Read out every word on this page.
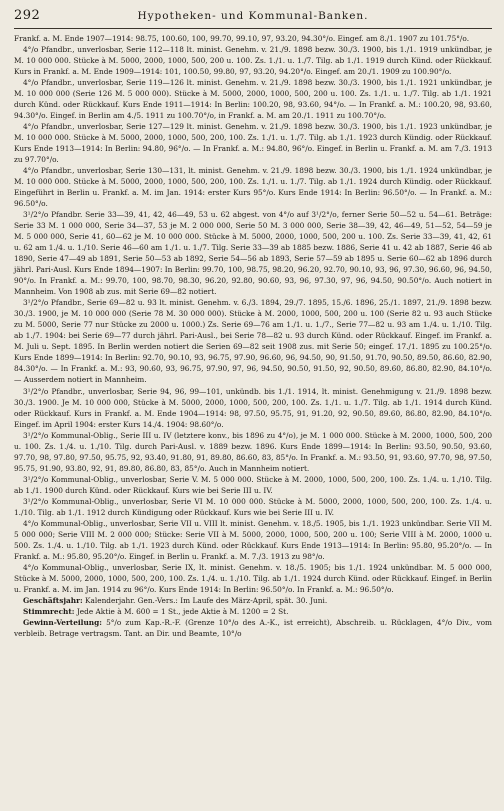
292	Hypotheken- und Kommunal-Banken.

Frankf. a. M. Ende 1907—1914: 98.75, 100.60, 100, 99.70, 99.10, 97, 93.20, 94.30°/o. Eingef. am 8./1. 1907 zu 101.75°/o.

4°/o Pfandbr., unverlosbar, Serie 112—118 lt. minist. Genehm. v. 21./9. 1898 bezw. 30./3. 1900, bis 1./1. 1919 unkündbar, je M. 10 000 000. Stücke à M. 5000, 2000, 1000, 500, 200 u. 100. Zs. 1./1. u. 1./7. Tilg. ab 1./1. 1919 durch Künd. oder Rückkauf. Kurs in Frankf. a. M. Ende 1909—1914: 101, 100.50, 99.80, 97, 93.20, 94.20°/o. Eingef. am 20./1. 1909 zu 100.90°/o.

4°/o Pfandbr., unverlosbar, Serie 119—126 lt. minist. Genehm. v. 21./9. 1898 bezw. 30./3. 1900, bis 1./1. 1921 unkündbar, je M. 10 000 000 (Serie 126 M. 5 000 000). Stücke à M. 5000, 2000, 1000, 500, 200 u. 100. Zs. 1./1. u. 1./7. Tilg. ab 1./1. 1921 durch Künd. oder Rückkauf. Kurs Ende 1911—1914: In Berlin: 100.20, 98, 93.60, 94°/o. — In Frankf. a. M.: 100.20, 98, 93.60, 94.30°/o. Eingef. in Berlin am 4./5. 1911 zu 100.70°/o, in Frankf. a. M. am 20./1. 1911 zu 100.70°/o.

4°/o Pfandbr., unverlosbar, Serie 127—129 lt. minist. Genehm. v. 21./9. 1898 bezw. 30./3. 1900, bis 1./1. 1923 unkündbar, je M. 10 000 000. Stücke à M. 5000, 2000, 1000, 500, 200, 100. Zs. 1./1. u. 1./7. Tilg. ab 1./1. 1923 durch Kündig. oder Rückkauf. Kurs Ende 1913—1914: In Berlin: 94.80, 96°/o. — In Frankf. a. M.: 94.80, 96°/o. Eingef. in Berlin u. Frankf. a. M. am 7./3. 1913 zu 97.70°/o.

4°/o Pfandbr., unverlosbar, Serie 130—131, lt. minist. Genehm. v. 21./9. 1898 bezw. 30./3. 1900, bis 1./1. 1924 unkündbar, je M. 10 000 000. Stücke à M. 5000, 2000, 1000, 500, 200, 100. Zs. 1./1. u. 1./7. Tilg. ab 1./1. 1924 durch Kündig. oder Rückkauf. Eingeführt in Berlin u. Frankf. a. M. im Jan. 1914: erster Kurs 95°/o. Kurs Ende 1914: In Berlin: 96.50°/o. — In Frankf. a. M.: 96.50°/o.

3¹/2°/o Pfandbr. Serie 33—39, 41, 42, 46—49, 53 u. 62 abgest. von 4°/o auf 3¹/2°/o, ferner Serie 50—52 u. 54—61. Beträge: Serie 33 M. 1 000 000, Serie 34—37, 53 je M. 2 000 000, Serie 50 M. 3 000 000, Serie 38—39, 42, 46—49, 51—52, 54—59 je M. 5 000 000, Serie 41, 60—62 je M. 10 000 000. Stücke à M. 5000, 2000, 1000, 500, 200 u. 100. Zs. Serie 33—39, 41, 42, 61 u. 62 am 1./4. u. 1./10. Serie 46—60 am 1./1. u. 1./7. Tilg. Serie 33—39 ab 1885 bezw. 1886, Serie 41 u. 42 ab 1887, Serie 46 ab 1890, Serie 47—49 ab 1891, Serie 50—53 ab 1892, Serie 54—56 ab 1893, Serie 57—59 ab 1895 u. Serie 60—62 ab 1896 durch jährl. Pari-Ausl. Kurs Ende 1894—1907: In Berlin: 99.70, 100, 98.75, 98.20, 96.20, 92.70, 90.10, 93, 96, 97.30, 96.60, 96, 94.50, 90°/o. In Frankf. a. M.: 99.70, 100, 98.70, 98.30, 96.20, 92.80, 90.60, 93, 96, 97.30, 97, 96, 94.50, 90.50°/o. Auch notiert in Mannheim. Von 1908 ab zus. mit Serie 69—82 notiert.

3¹/2°/o Pfandbr., Serie 69—82 u. 93 lt. minist. Genehm. v. 6./3. 1894, 29./7. 1895, 15./6. 1896, 25./1. 1897, 21./9. 1898 bezw. 30./3. 1900, je M. 10 000 000 (Serie 78 M. 30 000 000). Stücke à M. 2000, 1000, 500, 200 u. 100 (Serie 82 u. 93 auch Stücke zu M. 5000, Serie 77 nur Stücke zu 2000 u. 1000.) Zs. Serie 69—76 am 1./1. u. 1./7., Serie 77—82 u. 93 am 1./4. u. 1./10. Tilg. ab 1./7. 1904: bei Serie 69—77 durch jährl. Pari-Ausl., bei Serie 78—82 u. 93 durch Künd. oder Rückkauf. Eingef. im Frankf. a. M. Juli u. Sept. 1895. In Berlin werden notiert die Serien 69—82 seit 1908 zus. mit Serie 50; eingef. 17./1. 1895 zu 100.25°/o. Kurs Ende 1899—1914: In Berlin: 92.70, 90.10, 93, 96.75, 97.90, 96.60, 96, 94.50, 90, 91.50, 91.70, 90.50, 89.50, 86.60, 82.90, 84.30°/o. — In Frankf. a. M.: 93, 90.60, 93, 96.75, 97.90, 97, 96, 94.50, 90.50, 91.50, 92, 90.50, 89.60, 86.80, 82.90, 84.10°/o. — Ausserdem notiert in Mannheim.

3¹/2°/o Pfandbr., unverlosbar, Serie 94, 96, 99—101, unkündb. bis 1./1. 1914, lt. minist. Genehmigung v. 21./9. 1898 bezw. 30./3. 1900. Je M. 10 000 000, Stücke à M. 5000, 2000, 1000, 500, 200, 100. Zs. 1./1. u. 1./7. Tilg. ab 1./1. 1914 durch Künd. oder Rückkauf. Kurs in Frankf. a. M. Ende 1904—1914: 98, 97.50, 95.75, 91, 91.20, 92, 90.50, 89.60, 86.80, 82.90, 84.10°/o. Eingef. im April 1904: erster Kurs 14./4. 1904: 98.60°/o.

3¹/2°/o Kommunal-Oblig., Serie III u. IV (letztere konv., bis 1896 zu 4°/o), je M. 1 000 000. Stücke à M. 2000, 1000, 500, 200 u. 100. Zs. 1./4. u. 1./10. Tilg. durch Pari-Ausl. v. 1889 bezw. 1896. Kurs Ende 1899—1914: In Berlin: 93.50, 90.50, 93.60, 97.70, 98, 97.80, 97.50, 95.75, 92, 93.40, 91.80, 91, 89.80, 86.60, 83, 85°/o. In Frankf. a. M.: 93.50, 91, 93.60, 97.70, 98, 97.50, 95.75, 91.90, 93.80, 92, 91, 89.80, 86.80, 83, 85°/o. Auch in Mannheim notiert.

3¹/2°/o Kommunal-Oblig., unverlosbar, Serie V. M. 5 000 000. Stücke à M. 2000, 1000, 500, 200, 100. Zs. 1./4. u. 1./10. Tilg. ab 1./1. 1900 durch Künd. oder Rückkauf. Kurs wie bei Serie III u. IV.

3¹/2°/o Kommunal-Oblig., unverlosbar, Serie VI M. 10 000 000. Stücke à M. 5000, 2000, 1000, 500, 200, 100. Zs. 1./4. u. 1./10. Tilg. ab 1./1. 1912 durch Kündigung oder Rückkauf. Kurs wie bei Serie III u. IV.

4°/o Kommunal-Oblig., unverlosbar, Serie VII u. VIII lt. minist. Genehm. v. 18./5. 1905, bis 1./1. 1923 unkündbar. Serie VII M. 5 000 000; Serie VIII M. 2 000 000; Stücke: Serie VII à M. 5000, 2000, 1000, 500, 200 u. 100; Serie VIII à M. 2000, 1000 u. 500. Zs. 1./4. u. 1./10. Tilg. ab 1./1. 1923 durch Künd. oder Rückkauf. Kurs Ende 1913—1914: In Berlin: 95.80, 95.20°/o. — In Frankf. a. M.: 95.80, 95.20°/o. Eingef. in Berlin u. Frankf. a. M. 7./3. 1913 zu 98°/o.

4°/o Kommunal-Oblig., unverlosbar, Serie IX, lt. minist. Genehm. v. 18./5. 1905; bis 1./1. 1924 unkündbar. M. 5 000 000, Stücke à M. 5000, 2000, 1000, 500, 200, 100. Zs. 1./4. u. 1./10. Tilg. ab 1./1. 1924 durch Künd. oder Rückkauf. Eingef. in Berlin u. Frankf. a. M. im Jan. 1914 zu 96°/o. Kurs Ende 1914: In Berlin: 96.50°/o. In Frankf. a. M.: 96.50°/o.

Geschäftsjahr: Kalenderjahr. Gen.-Vers.: Im Laufe des März-April, spät. 30. Juni.

Stimmrecht: Jede Aktie à M. 600 = 1 St., jede Aktie à M. 1200 = 2 St.

Gewinn-Verteilung: 5°/o zum Kap.-R.-F. (Grenze 10°/o des A.-K., ist erreicht), Abschreib. u. Rücklagen, 4°/o Div., vom verbleib. Betrage vertragsm. Tant. an Dir. und Beamte, 10°/o
